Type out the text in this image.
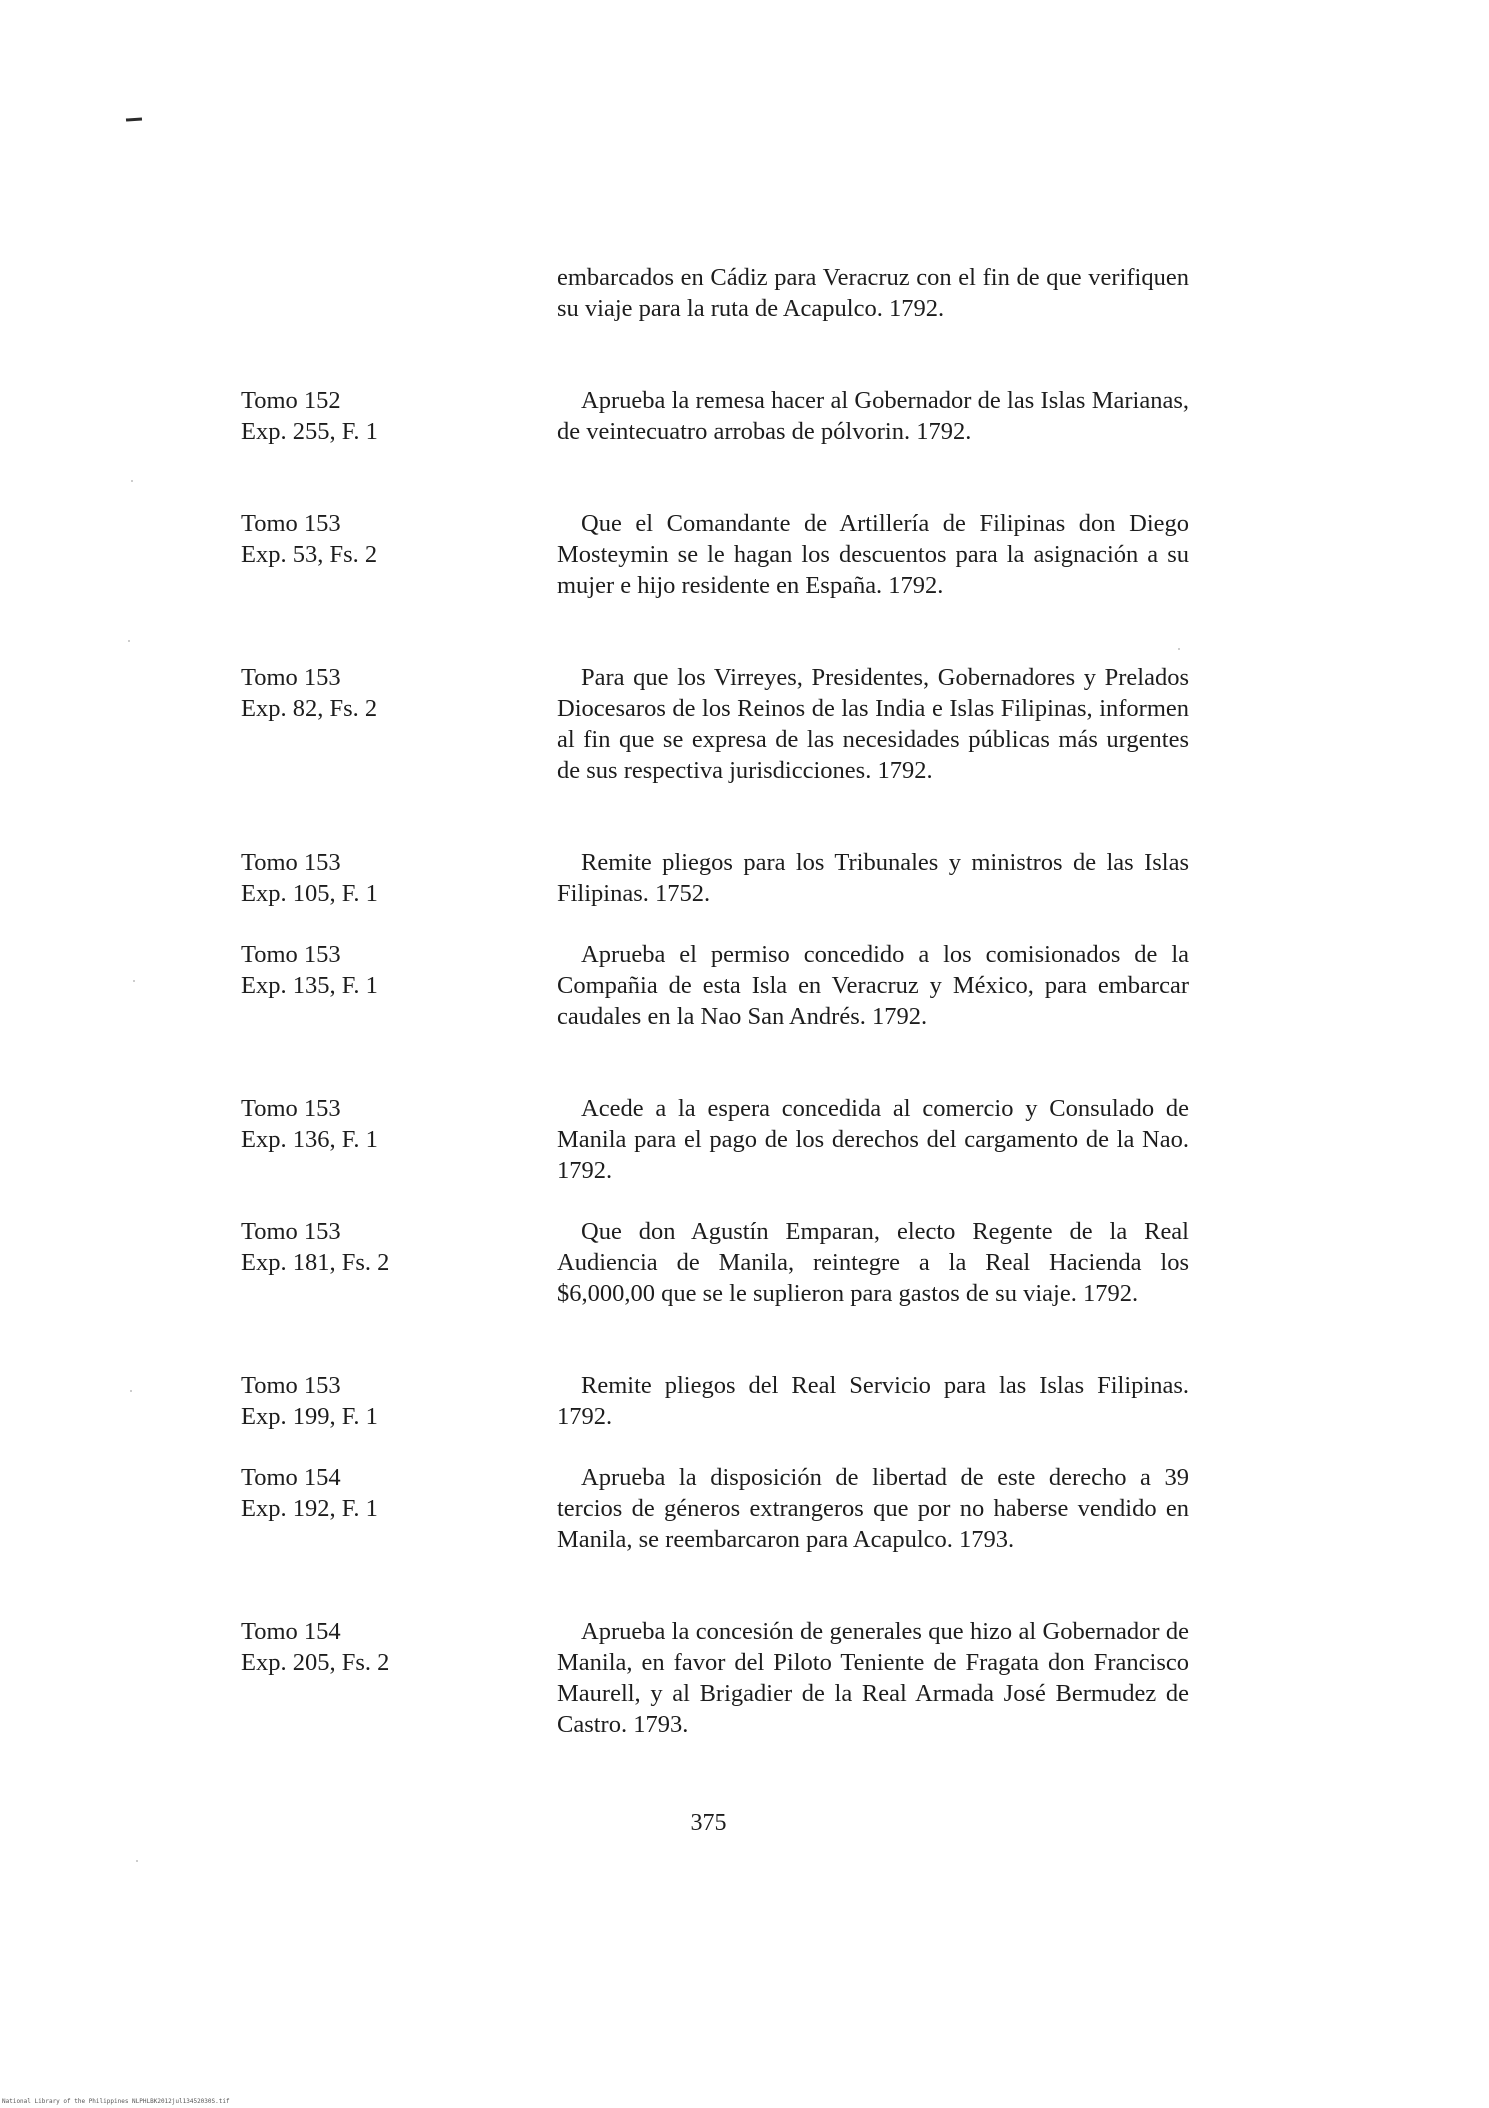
embarcados en Cádiz para Veracruz con el fin de que verifiquen su viaje para la ruta de Acapulco. 1792.

Tomo 152
Exp. 255, F. 1

Aprueba la remesa hacer al Gobernador de las Islas Marianas, de veintecuatro arrobas de pólvorin. 1792.

Tomo 153
Exp. 53, Fs. 2

Que el Comandante de Artillería de Filipinas don Diego Mosteymin se le hagan los descuentos para la asignación a su mujer e hijo residente en España. 1792.

Tomo 153
Exp. 82, Fs. 2

Para que los Virreyes, Presidentes, Gobernadores y Prelados Diocesaros de los Reinos de las India e Islas Filipinas, informen al fin que se expresa de las necesidades públicas más urgentes de sus respectiva jurisdicciones. 1792.

Tomo 153
Exp. 105, F. 1

Remite pliegos para los Tribunales y ministros de las Islas Filipinas. 1752.

Tomo 153
Exp. 135, F. 1

Aprueba el permiso concedido a los comisionados de la Compañia de esta Isla en Veracruz y México, para embarcar caudales en la Nao San Andrés. 1792.

Tomo 153
Exp. 136, F. 1

Acede a la espera concedida al comercio y Consulado de Manila para el pago de los derechos del cargamento de la Nao. 1792.

Tomo 153
Exp. 181, Fs. 2

Que don Agustín Emparan, electo Regente de la Real Audiencia de Manila, reintegre a la Real Hacienda los $6,000,00 que se le suplieron para gastos de su viaje. 1792.

Tomo 153
Exp. 199, F. 1

Remite pliegos del Real Servicio para las Islas Filipinas. 1792.

Tomo 154
Exp. 192, F. 1

Aprueba la disposición de libertad de este derecho a 39 tercios de géneros extrangeros que por no haberse vendido en Manila, se reembarcaron para Acapulco. 1793.

Tomo 154
Exp. 205, Fs. 2

Aprueba la concesión de generales que hizo al Gobernador de Manila, en favor del Piloto Teniente de Fragata don Francisco Maurell, y al Brigadier de la Real Armada José Bermudez de Castro. 1793.

375

National Library of the Philippines NLPHLBK2012jul13452030S.tif
